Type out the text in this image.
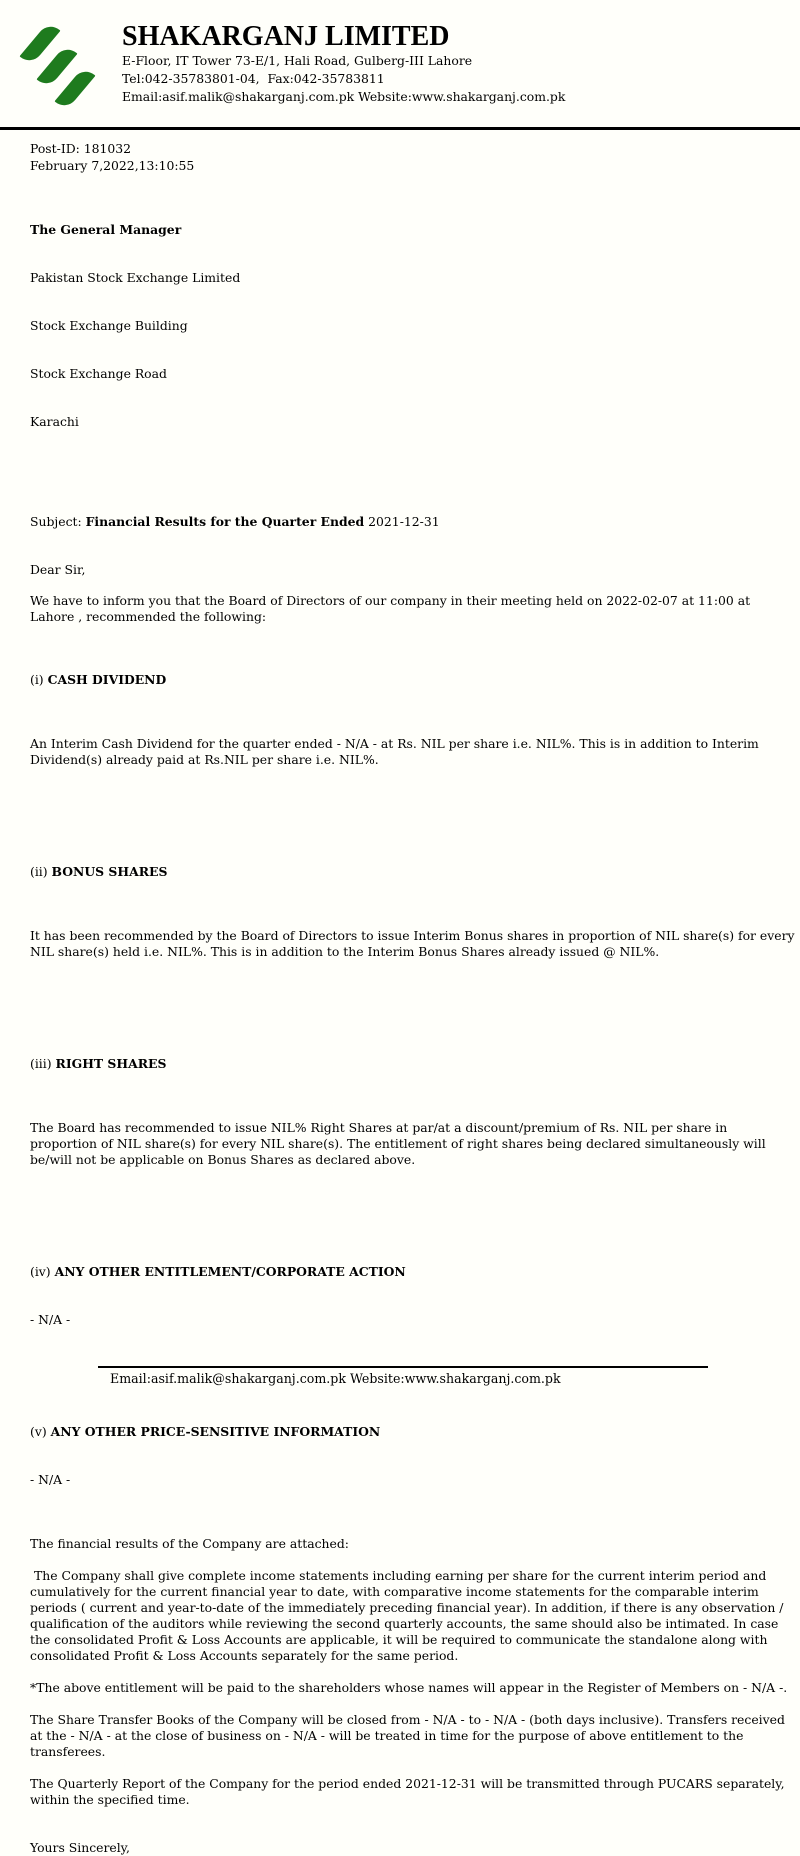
SHAKARGANJ LIMITED
E-Floor, IT Tower 73-E/1, Hali Road, Gulberg-III Lahore
Tel:042-35783801-04,  Fax:042-35783811
Email:asif.malik@shakarganj.com.pk Website:www.shakarganj.com.pk

Post-ID: 181032

February 7,2022,13:10:55

The General Manager

Pakistan Stock Exchange Limited

Stock Exchange Building

Stock Exchange Road

Karachi

Subject: Financial Results for the Quarter Ended 2021-12-31

Dear Sir,

We have to inform you that the Board of Directors of our company in their meeting held on 2022-02-07 at 11:00 at Lahore , recommended the following:

(i) CASH DIVIDEND

An Interim Cash Dividend for the quarter ended - N/A - at Rs. NIL per share i.e. NIL%. This is in addition to Interim Dividend(s) already paid at Rs.NIL per share i.e. NIL%.

(ii) BONUS SHARES

It has been recommended by the Board of Directors to issue Interim Bonus shares in proportion of NIL share(s) for every NIL share(s) held i.e. NIL%. This is in addition to the Interim Bonus Shares already issued @ NIL%.

(iii) RIGHT SHARES

The Board has recommended to issue NIL% Right Shares at par/at a discount/premium of Rs. NIL per share in proportion of NIL share(s) for every NIL share(s). The entitlement of right shares being declared simultaneously will be/will not be applicable on Bonus Shares as declared above.

(iv) ANY OTHER ENTITLEMENT/CORPORATE ACTION

- N/A -

(v) ANY OTHER PRICE-SENSITIVE INFORMATION

- N/A -

The financial results of the Company are attached:

The Company shall give complete income statements including earning per share for the current interim period and cumulatively for the current financial year to date, with comparative income statements for the comparable interim periods ( current and year-to-date of the immediately preceding financial year). In addition, if there is any observation / qualification of the auditors while reviewing the second quarterly accounts, the same should also be intimated. In case the consolidated Profit & Loss Accounts are applicable, it will be required to communicate the standalone along with consolidated Profit & Loss Accounts separately for the same period.

*The above entitlement will be paid to the shareholders whose names will appear in the Register of Members on - N/A -.

The Share Transfer Books of the Company will be closed from - N/A - to - N/A - (both days inclusive). Transfers received at the - N/A - at the close of business on - N/A - will be treated in time for the purpose of above entitlement to the transferees.

The Quarterly Report of the Company for the period ended 2021-12-31 will be transmitted through PUCARS separately, within the specified time.

Yours Sincerely,

Email:asif.malik@shakarganj.com.pk Website:www.shakarganj.com.pk
